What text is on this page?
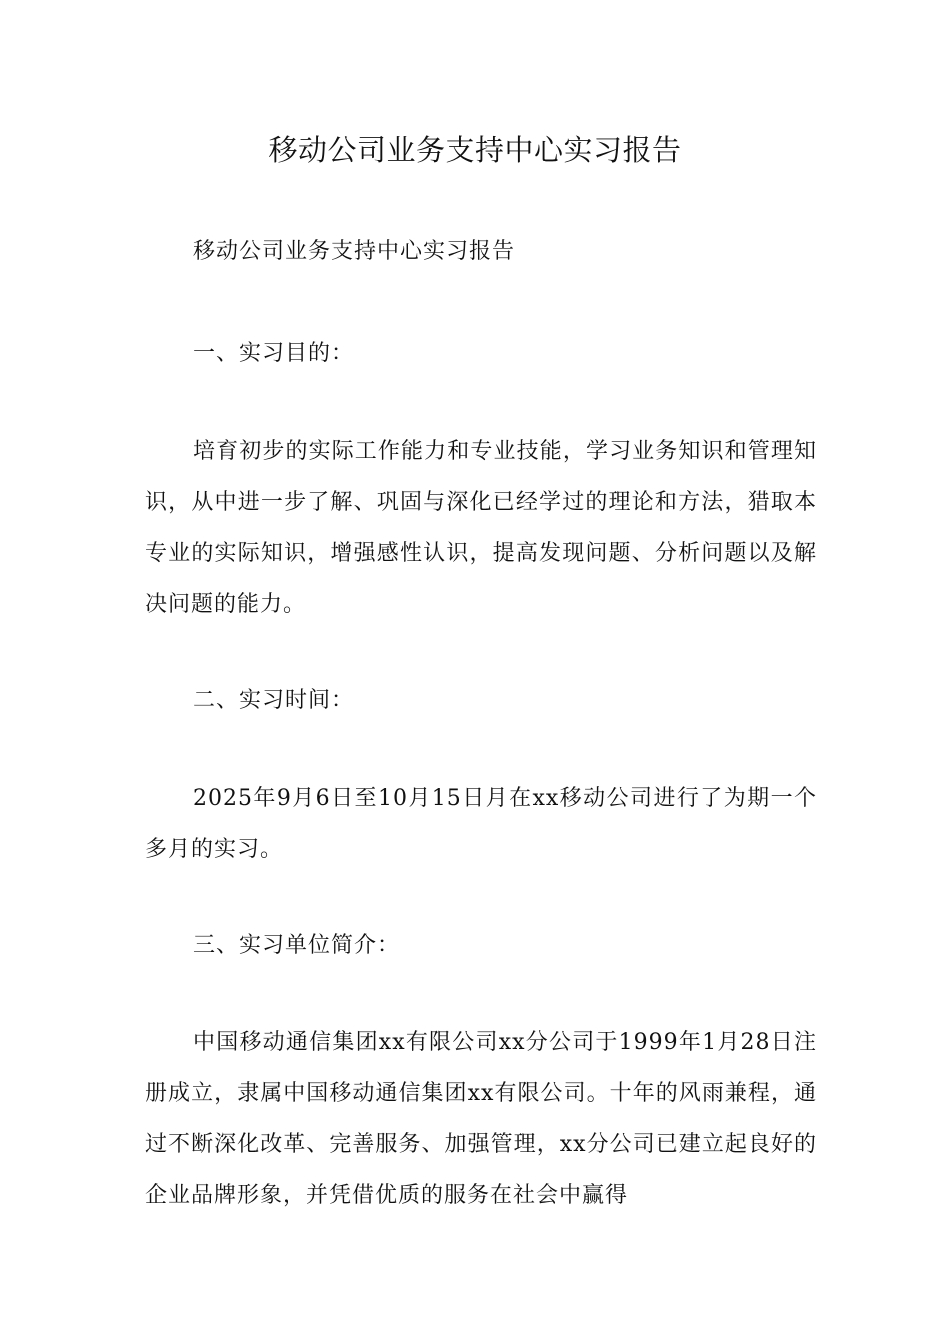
移动公司业务支持中心实习报告

移动公司业务支持中心实习报告

一、实习目的：

培育初步的实际工作能力和专业技能，学习业务知识和管理知识，从中进一步了解、巩固与深化已经学过的理论和方法，猎取本专业的实际知识，增强感性认识，提高发现问题、分析问题以及解决问题的能力。

二、实习时间：

2025年9月6日至10月15日月在xx移动公司进行了为期一个多月的实习。

三、实习单位简介：

中国移动通信集团xx有限公司xx分公司于1999年1月28日注册成立，隶属中国移动通信集团xx有限公司。十年的风雨兼程，通过不断深化改革、完善服务、加强管理，xx分公司已建立起良好的企业品牌形象，并凭借优质的服务在社会中赢得
